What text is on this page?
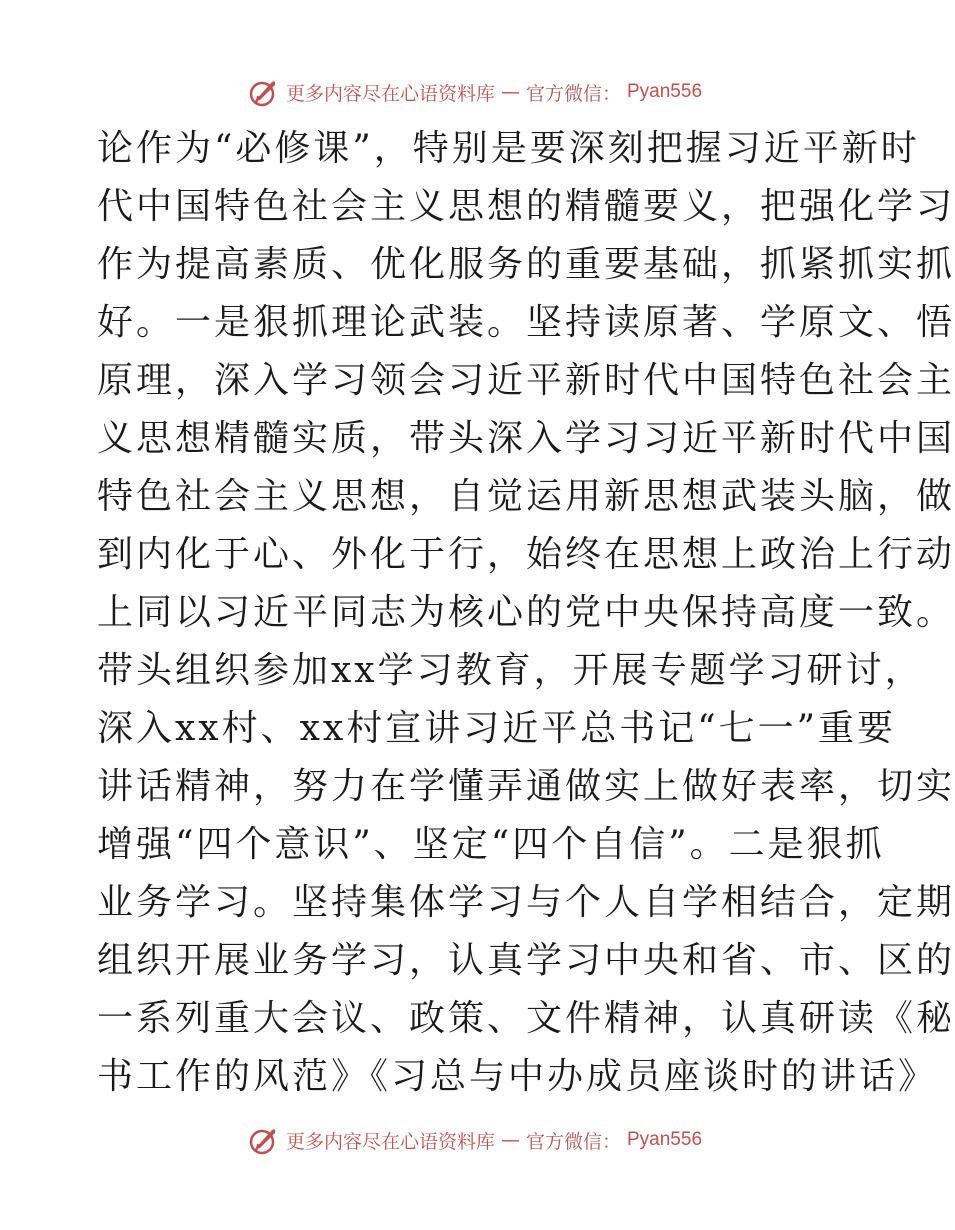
更多内容尽在心语资料库 — 官方微信： Pyan556
论作为“必修课”，特别是要深刻把握习近平新时
代中国特色社会主义思想的精髓要义，把强化学习
作为提高素质、优化服务的重要基础，抓紧抓实抓
好。一是狠抓理论武装。坚持读原著、学原文、悟
原理，深入学习领会习近平新时代中国特色社会主
义思想精髓实质，带头深入学习习近平新时代中国
特色社会主义思想，自觉运用新思想武装头脑，做
到内化于心、外化于行，始终在思想上政治上行动
上同以习近平同志为核心的党中央保持高度一致。
带头组织参加xx学习教育，开展专题学习研讨，
深入xx村、xx村宣讲习近平总书记“七一”重要
讲话精神，努力在学懂弄通做实上做好表率，切实
增强“四个意识”、坚定“四个自信”。二是狠抓
业务学习。坚持集体学习与个人自学相结合，定期
组织开展业务学习，认真学习中央和省、市、区的
一系列重大会议、政策、文件精神，认真研读《秘
书工作的风范》《习总与中办成员座谈时的讲话》
更多内容尽在心语资料库 — 官方微信： Pyan556
